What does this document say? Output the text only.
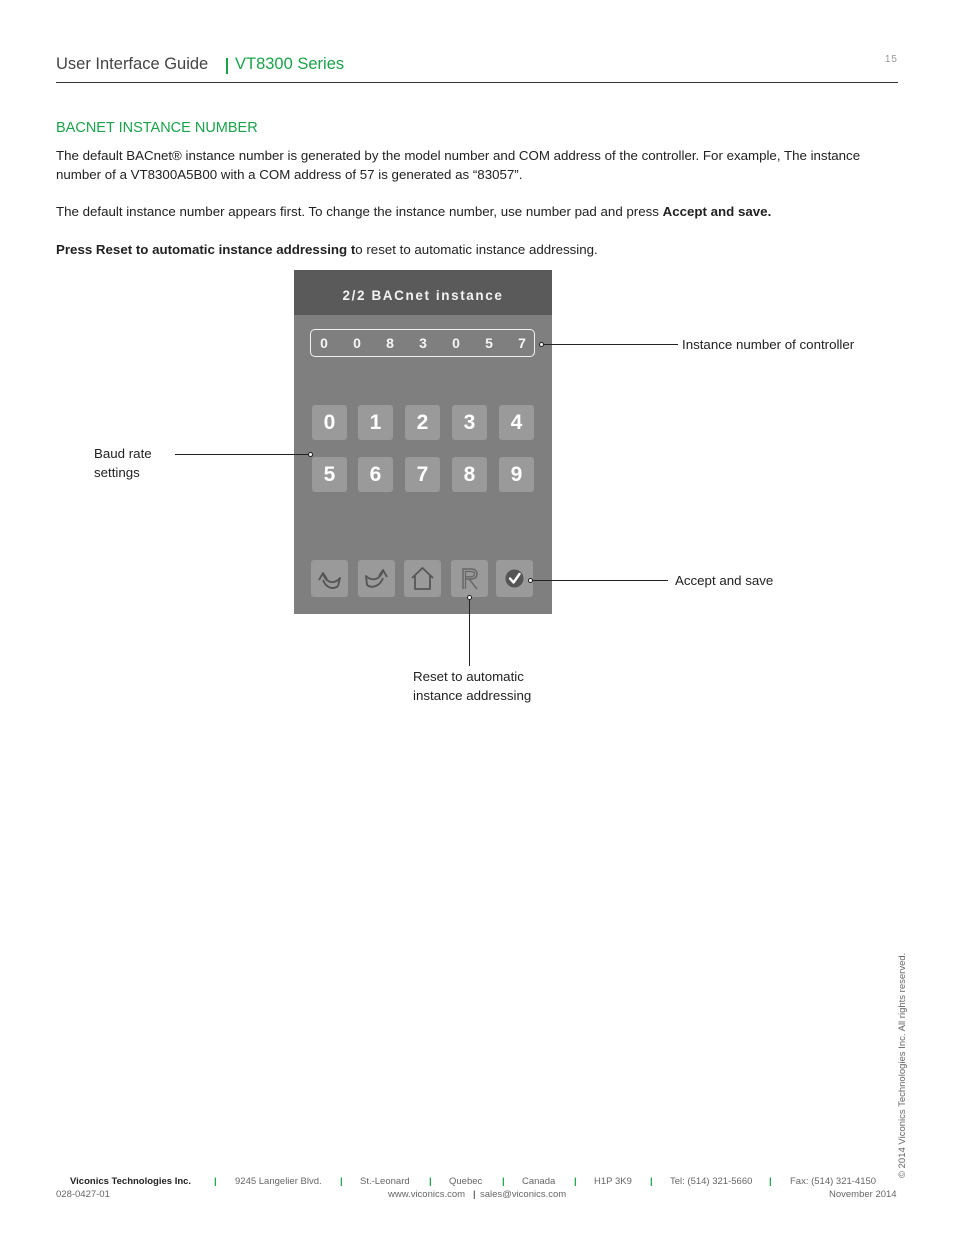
User Interface Guide VT8300 Series	15
BACNET INSTANCE NUMBER
The default BACnet® instance number is generated by the model number and COM address of the controller. For example, The instance number of a VT8300A5B00 with a COM address of 57 is generated as “83057”.
The default instance number appears first. To change the instance number, use number pad and press Accept and save.
Press Reset to automatic instance addressing to reset to automatic instance addressing.
2/2 BACnet instance
0	0	8	3	0	5	7
0	1	2	3	4
5	6	7	8	9
Instance number of controller
Baud rate
settings
Accept and save
Reset to automatic
instance addressing
© 2014 Viconics Technologies Inc. All rights reserved.
Viconics Technologies Inc. | 9245 Langelier Blvd. | St.-Leonard | Quebec | Canada | H1P 3K9 | Tel: (514) 321-5660 | Fax: (514) 321-4150
028-0427-01	www.viconics.com | sales@viconics.com	November 2014
